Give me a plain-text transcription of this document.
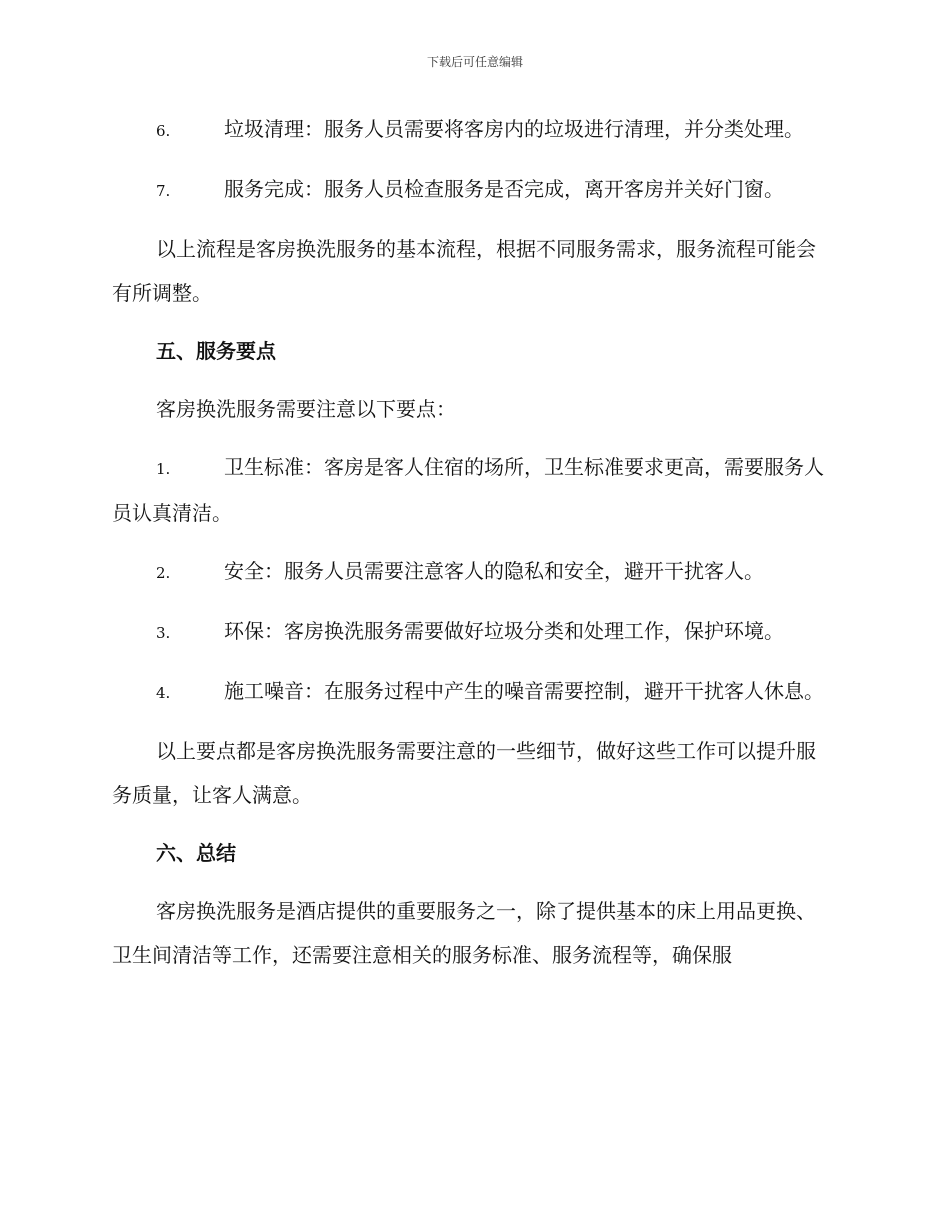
下载后可任意编辑
6.	垃圾清理：服务人员需要将客房内的垃圾进行清理，并分类处理。
7.	服务完成：服务人员检查服务是否完成，离开客房并关好门窗。
以上流程是客房换洗服务的基本流程，根据不同服务需求，服务流程可能会有所调整。
五、服务要点
客房换洗服务需要注意以下要点：
1.	卫生标准：客房是客人住宿的场所，卫生标准要求更高，需要服务人员认真清洁。
2.	安全：服务人员需要注意客人的隐私和安全，避开干扰客人。
3.	环保：客房换洗服务需要做好垃圾分类和处理工作，保护环境。
4.	施工噪音：在服务过程中产生的噪音需要控制，避开干扰客人休息。
以上要点都是客房换洗服务需要注意的一些细节，做好这些工作可以提升服务质量，让客人满意。
六、总结
客房换洗服务是酒店提供的重要服务之一，除了提供基本的床上用品更换、卫生间清洁等工作，还需要注意相关的服务标准、服务流程等，确保服
